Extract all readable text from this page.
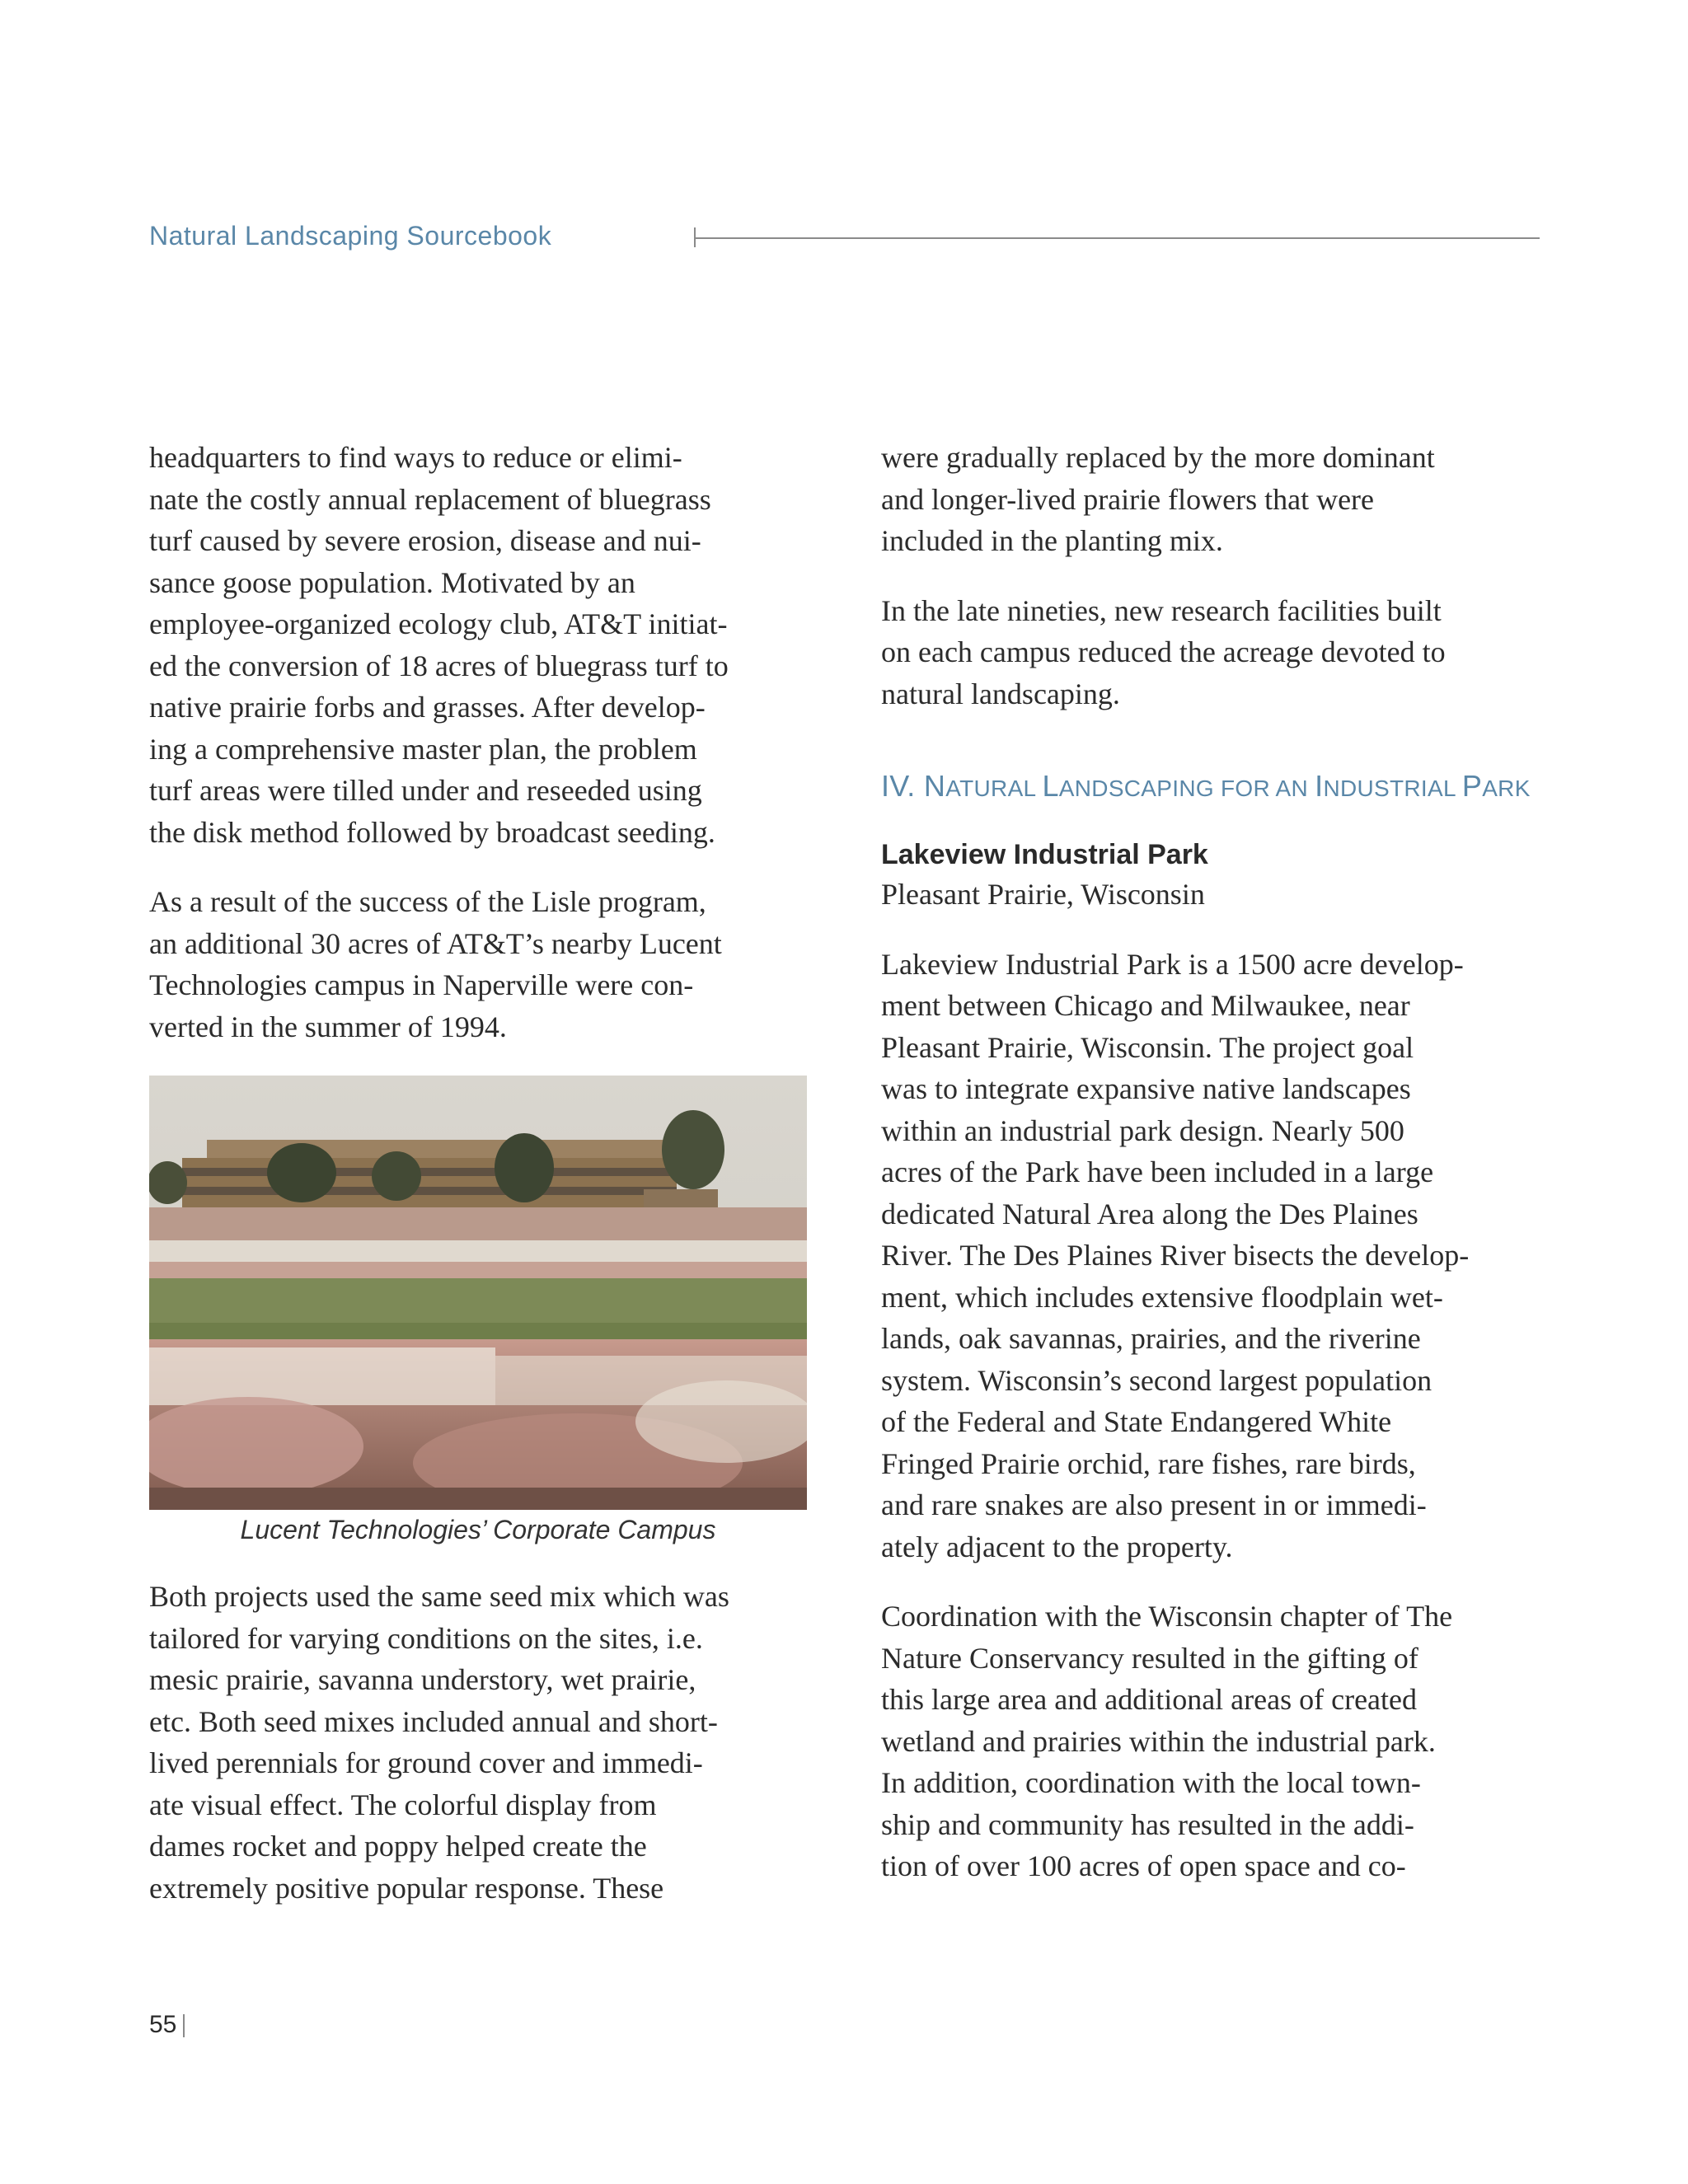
Natural Landscaping Sourcebook

headquarters to find ways to reduce or elimi-
nate the costly annual replacement of bluegrass
turf caused by severe erosion, disease and nui-
sance goose population. Motivated by an
employee-organized ecology club, AT&T initiat-
ed the conversion of 18 acres of bluegrass turf to
native prairie forbs and grasses. After develop-
ing a comprehensive master plan, the problem
turf areas were tilled under and reseeded using
the disk method followed by broadcast seeding.

As a result of the success of the Lisle program,
an additional 30 acres of AT&T’s nearby Lucent
Technologies campus in Naperville were con-
verted in the summer of 1994.

Lucent Technologies’ Corporate Campus

Both projects used the same seed mix which was
tailored for varying conditions on the sites, i.e.
mesic prairie, savanna understory, wet prairie,
etc. Both seed mixes included annual and short-
lived perennials for ground cover and immedi-
ate visual effect. The colorful display from
dames rocket and poppy helped create the
extremely positive popular response. These

were gradually replaced by the more dominant
and longer-lived prairie flowers that were
included in the planting mix.

In the late nineties, new research facilities built
on each campus reduced the acreage devoted to
natural landscaping.

IV. NATURAL LANDSCAPING FOR AN INDUSTRIAL PARK
Lakeview Industrial Park

Pleasant Prairie, Wisconsin

Lakeview Industrial Park is a 1500 acre develop-
ment between Chicago and Milwaukee, near
Pleasant Prairie, Wisconsin. The project goal
was to integrate expansive native landscapes
within an industrial park design. Nearly 500
acres of the Park have been included in a large
dedicated Natural Area along the Des Plaines
River. The Des Plaines River bisects the develop-
ment, which includes extensive floodplain wet-
lands, oak savannas, prairies, and the riverine
system. Wisconsin’s second largest population
of the Federal and State Endangered White
Fringed Prairie orchid, rare fishes, rare birds,
and rare snakes are also present in or immedi-
ately adjacent to the property.

Coordination with the Wisconsin chapter of The
Nature Conservancy resulted in the gifting of
this large area and additional areas of created
wetland and prairies within the industrial park.
In addition, coordination with the local town-
ship and community has resulted in the addi-
tion of over 100 acres of open space and co-

55
